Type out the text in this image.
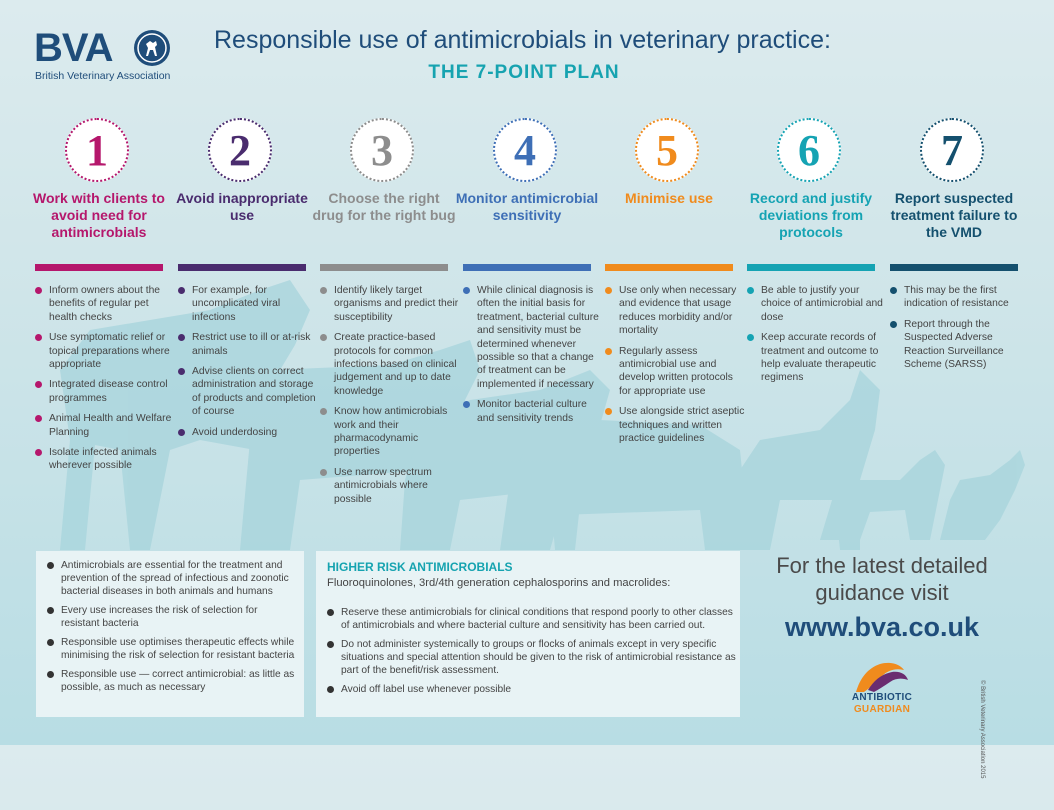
BVA
British Veterinary Association
Responsible use of antimicrobials in veterinary practice:
THE 7-POINT PLAN
1
Work with clients to avoid need for antimicrobials
Inform owners about the benefits of regular pet health checks
Use symptomatic relief or topical preparations where appropriate
Integrated disease control programmes
Animal Health and Welfare Planning
Isolate infected animals wherever possible
2
Avoid inappropriate use
For example, for uncomplicated viral infections
Restrict use to ill or at-risk animals
Advise clients on correct administration and storage of products and completion of course
Avoid underdosing
3
Choose the right drug for the right bug
Identify likely target organisms and predict their susceptibility
Create practice-based protocols for common infections based on clinical judgement and up to date knowledge
Know how antimicrobials work and their pharmacodynamic properties
Use narrow spectrum antimicrobials where possible
4
Monitor antimicrobial sensitivity
While clinical diagnosis is often the initial basis for treatment, bacterial culture and sensitivity must be determined whenever possible so that a change of treatment can be implemented if necessary
Monitor bacterial culture and sensitivity trends
5
Minimise use
Use only when necessary and evidence that usage reduces morbidity and/or mortality
Regularly assess antimicrobial use and develop written protocols for appropriate use
Use alongside strict aseptic techniques and written practice guidelines
6
Record and justify deviations from protocols
Be able to justify your choice of antimicrobial and dose
Keep accurate records of treatment and outcome to help evaluate therapeutic regimens
7
Report suspected treatment failure to the VMD
This may be the first indication of resistance
Report through the Suspected Adverse Reaction Surveillance Scheme (SARSS)
Antimicrobials are essential for the treatment and prevention of the spread of infectious and zoonotic bacterial diseases in both animals and humans
Every use increases the risk of selection for resistant bacteria
Responsible use optimises therapeutic effects while minimising the risk of selection for resistant bacteria
Responsible use — correct antimicrobial: as little as possible, as much as necessary
HIGHER RISK ANTIMICROBIALS
Fluoroquinolones, 3rd/4th generation cephalosporins and macrolides:
Reserve these antimicrobials for clinical conditions that respond poorly to other classes of antimicrobials and where bacterial culture and sensitivity has been carried out.
Do not administer systemically to groups or flocks of animals except in very specific situations and special attention should be given to the risk of antimicrobial resistance as part of the benefit/risk assessment.
Avoid off label use whenever possible
For the latest detailed guidance visit
www.bva.co.uk
ANTIBIOTIC
GUARDIAN	© British Veterinary Association 2015
